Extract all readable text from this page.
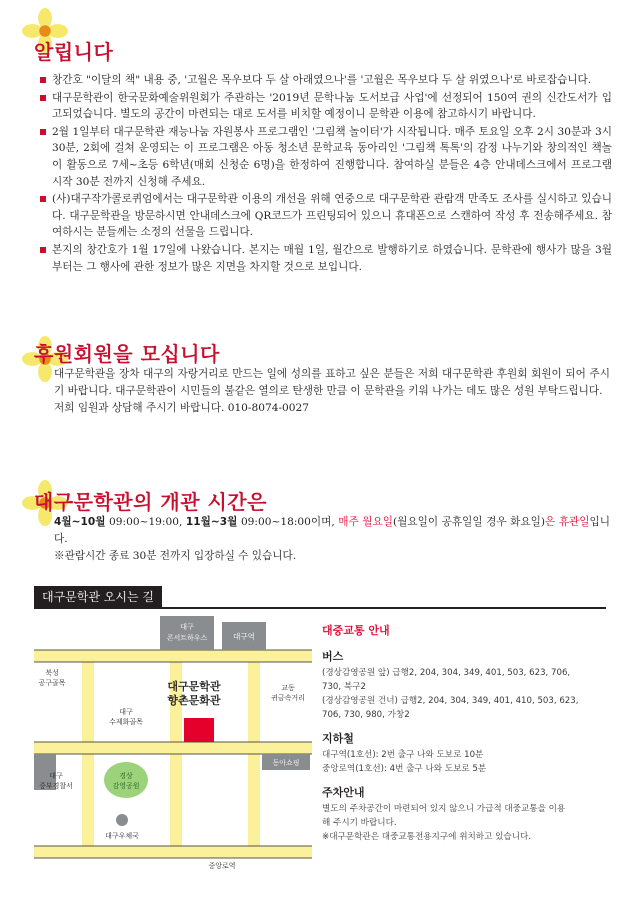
알립니다
창간호 "이달의 책" 내용 중, '고월은 목우보다 두 살 아래였으나'를 '고월은 목우보다 두 살 위였으나'로 바로잡습니다.
대구문학관이 한국문화예술위원회가 주관하는 '2019년 문학나눔 도서보급 사업'에 선정되어 150여 권의 신간도서가 입고되었습니다. 별도의 공간이 마련되는 대로 도서를 비치할 예정이니 문학관 이용에 참고하시기 바랍니다.
2월 1일부터 대구문학관 재능나눔 자원봉사 프로그램인 '그림책 놀이터'가 시작됩니다. 매주 토요일 오후 2시 30분과 3시 30분, 2회에 걸쳐 운영되는 이 프로그램은 아동 청소년 문학교육 동아리인 '그림책 톡톡'의 감정 나누기와 창의적인 책놀이 활동으로 7세~초등 6학년(매회 신청순 6명)을 한정하여 진행합니다. 참여하실 분들은 4층 안내데스크에서 프로그램 시작 30분 전까지 신청해 주세요.
(사)대구작가콜로퀴엄에서는 대구문학관 이용의 개선을 위해 연중으로 대구문학관 관람객 만족도 조사를 실시하고 있습니다. 대구문학관을 방문하시면 안내데스크에 QR코드가 프린팅되어 있으니 휴대폰으로 스캔하여 작성 후 전송해주세요. 참여하시는 분들께는 소정의 선물을 드립니다.
본지의 창간호가 1월 17일에 나왔습니다. 본지는 매월 1일, 월간으로 발행하기로 하였습니다. 문학관에 행사가 많을 3월부터는 그 행사에 관한 정보가 많은 지면을 차지할 것으로 보입니다.
후원회원을 모십니다
대구문학관을 장차 대구의 자랑거리로 만드는 일에 성의를 표하고 싶은 분들은 저희 대구문학관 후원회 회원이 되어 주시기 바랍니다. 대구문학관이 시민들의 불같은 열의로 탄생한 만큼 이 문학관을 키워 나가는 데도 많은 성원 부탁드립니다.
저희 임원과 상담해 주시기 바랍니다. 010-8074-0027
대구문학관의 개관 시간은
4월~10월 09:00~19:00, 11월~3월 09:00~18:00이며, 매주 월요일(월요일이 공휴일일 경우 화요일)은 휴관일입니다.
※관람시간 종료 30분 전까지 입장하실 수 있습니다.
대구문학관 오시는 길
대구
콘서트하우스	대구역
북성
공구골목	대구문학관
향촌문화관
대구
수제화골목
교동
귀금속거리
대구
중부경찰서
경상
감영공원
동아쇼핑
대구우체국
중앙로역
대중교통 안내
버스
(경상감영공원 앞) 급행2, 204, 304, 349, 401, 503, 623, 706,
730, 북구2
(경상감영공원 건너) 급행2, 204, 304, 349, 401, 410, 503, 623,
706, 730, 980, 가창2
지하철
대구역(1호선): 2번 출구 나와 도보로 10분
중앙로역(1호선): 4번 출구 나와 도보로 5분
주차안내
별도의 주차공간이 마련되어 있지 않으니 가급적 대중교통을 이용
해 주시기 바랍니다.
※대구문학관은 대중교통전용지구에 위치하고 있습니다.
